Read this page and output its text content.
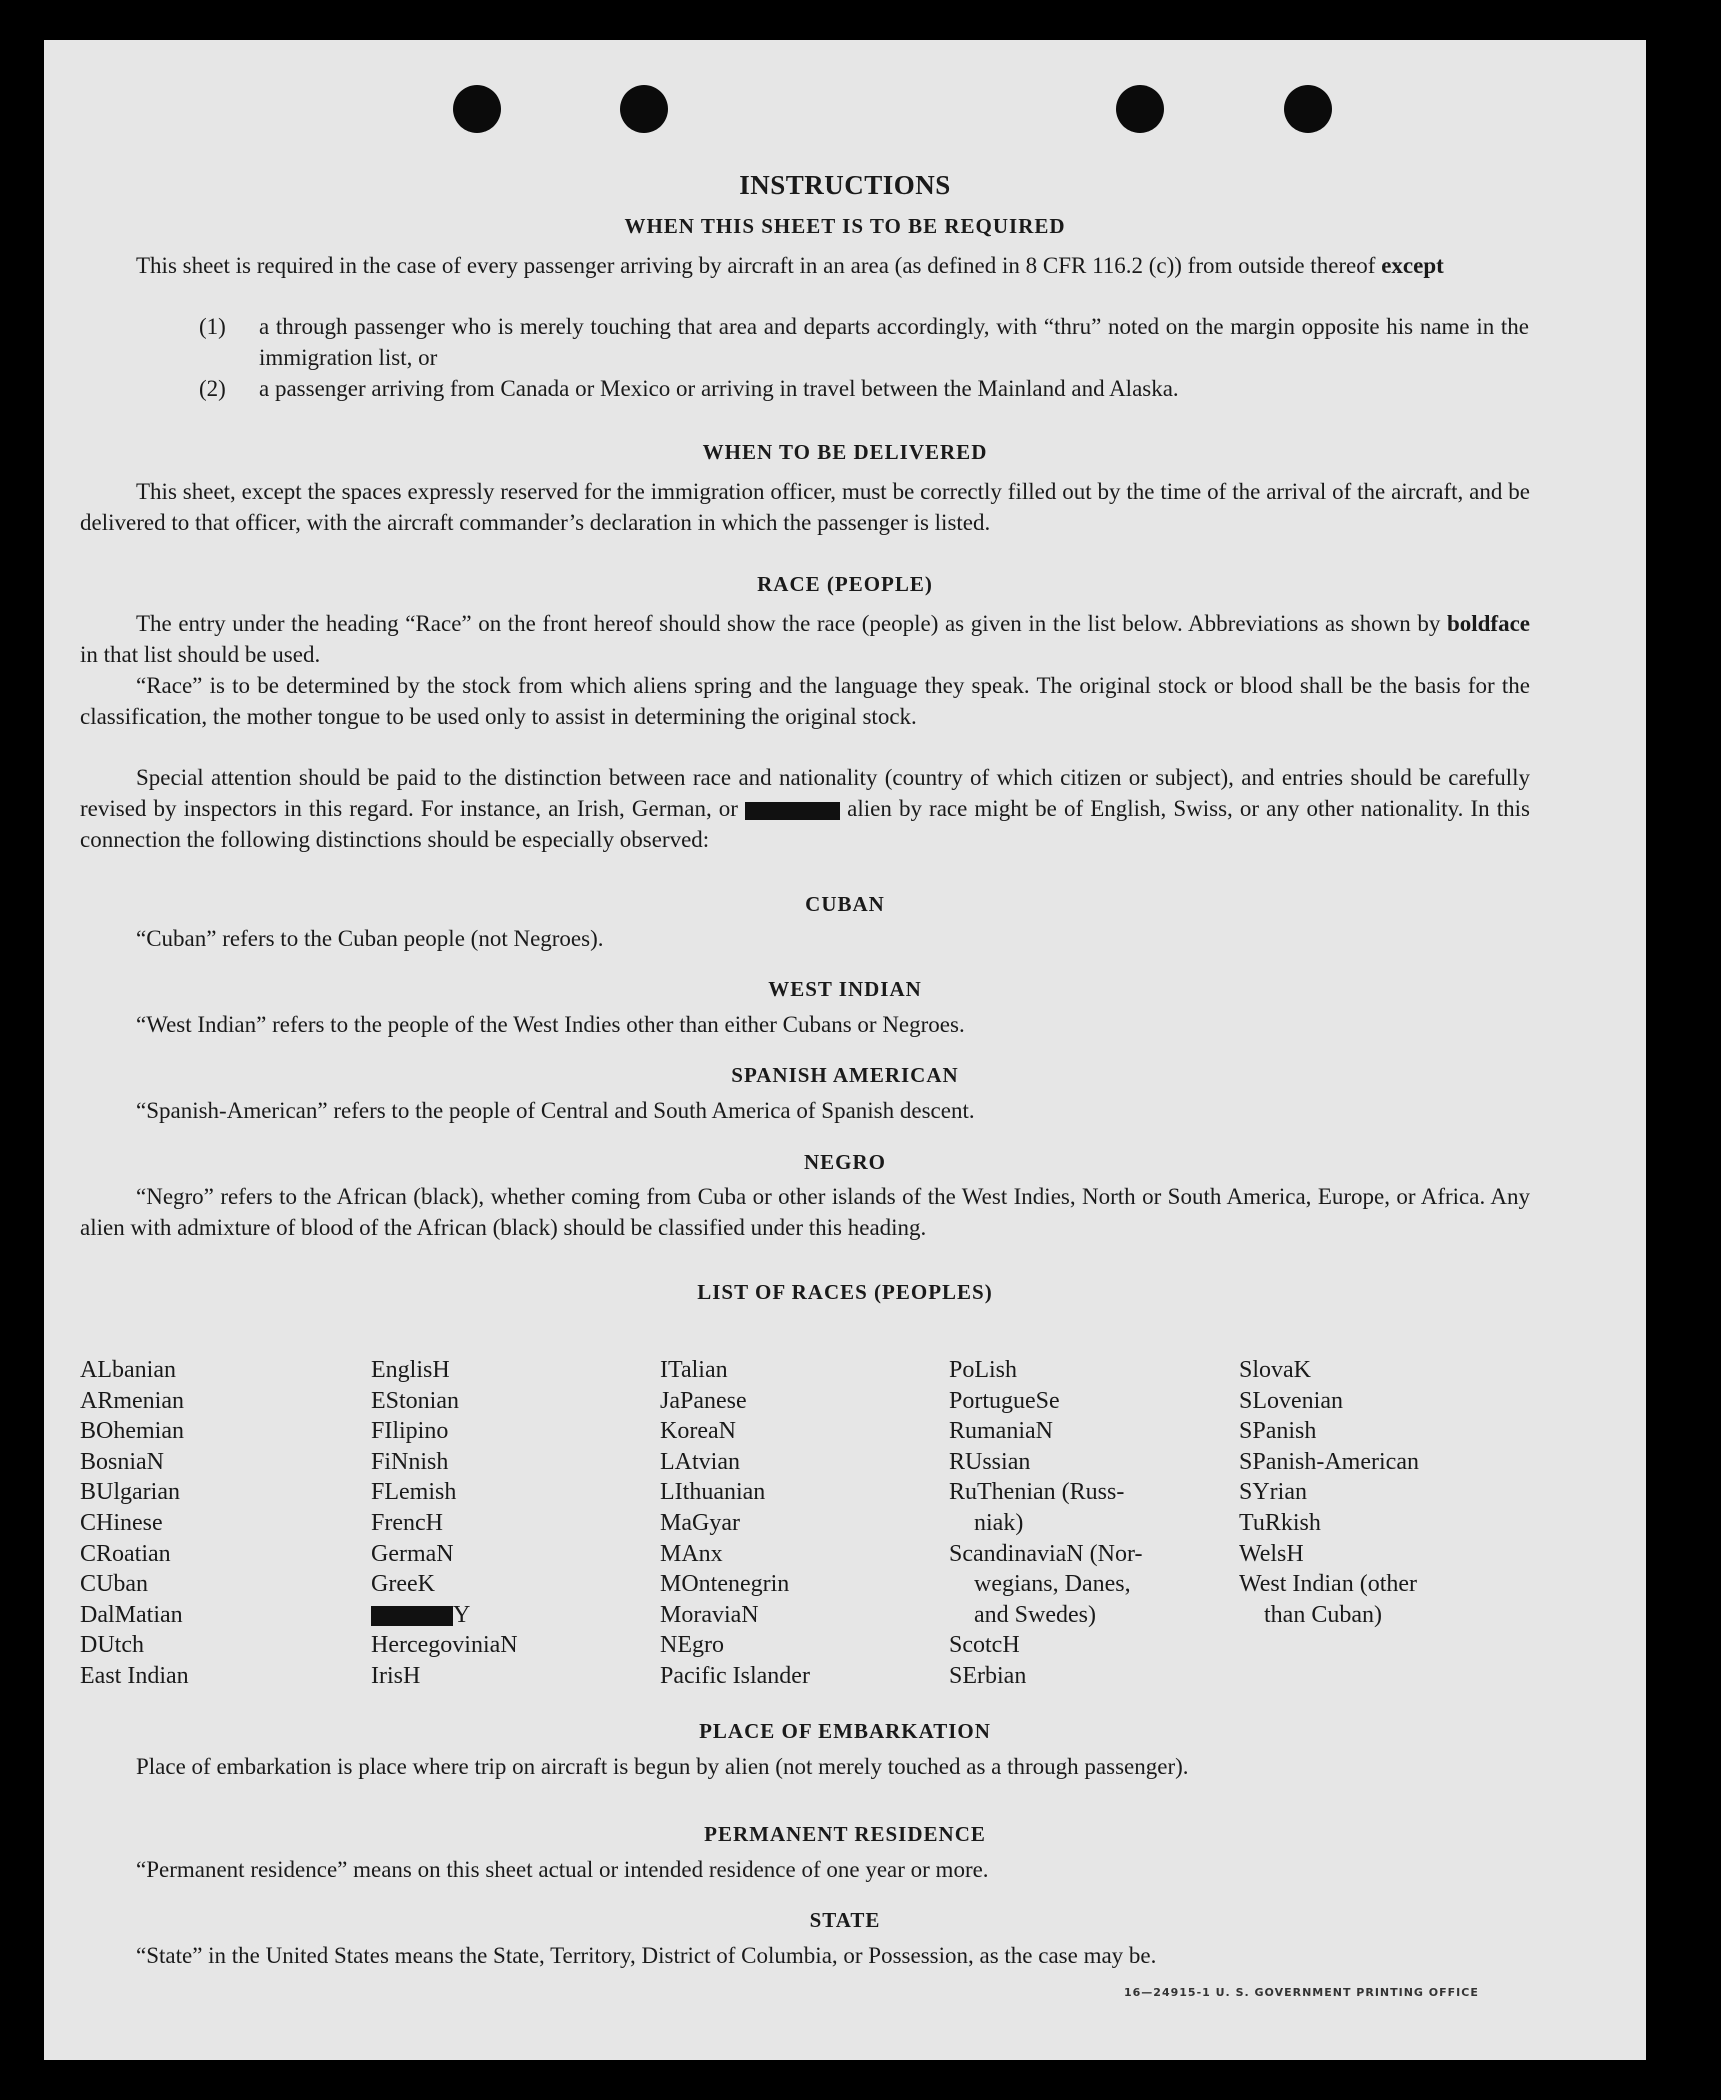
INSTRUCTIONS
WHEN THIS SHEET IS TO BE REQUIRED

This sheet is required in the case of every passenger arriving by aircraft in an area (as defined in 8 CFR 116.2 (c)) from outside thereof except

(1) a through passenger who is merely touching that area and departs accordingly, with “thru” noted on the margin opposite his name in the immigration list, or
(2) a passenger arriving from Canada or Mexico or arriving in travel between the Mainland and Alaska.
WHEN TO BE DELIVERED

This sheet, except the spaces expressly reserved for the immigration officer, must be correctly filled out by the time of the arrival of the aircraft, and be delivered to that officer, with the aircraft commander’s declaration in which the passenger is listed.

RACE (PEOPLE)

The entry under the heading “Race” on the front hereof should show the race (people) as given in the list below. Abbreviations as shown by boldface in that list should be used.

“Race” is to be determined by the stock from which aliens spring and the language they speak. The original stock or blood shall be the basis for the classification, the mother tongue to be used only to assist in determining the original stock.

Special attention should be paid to the distinction between race and nationality (country of which citizen or subject), and entries should be carefully revised by inspectors in this regard. For instance, an Irish, German, or	alien by race might be of English, Swiss, or any other nationality. In this connection the following distinctions should be especially observed:

CUBAN

“Cuban” refers to the Cuban people (not Negroes).

WEST INDIAN

“West Indian” refers to the people of the West Indies other than either Cubans or Negroes.

SPANISH AMERICAN

“Spanish-American” refers to the people of Central and South America of Spanish descent.

NEGRO

“Negro” refers to the African (black), whether coming from Cuba or other islands of the West Indies, North or South America, Europe, or Africa. Any alien with admixture of blood of the African (black) should be classified under this heading.

LIST OF RACES (PEOPLES)
ALbanian
ARmenian
BOhemian
BosniaN
BUlgarian
CHinese
CRoatian
CUban
DalMatian
DUtch
East Indian
EnglisH
EStonian
FIlipino
FiNnish
FLemish
FrencH
GermaN
GreeK
Y
HercegoviniaN
IrisH
ITalian
JaPanese
KoreaN
LAtvian
LIthuanian
MaGyar
MAnx
MOntenegrin
MoraviaN
NEgro
Pacific Islander
PoLish
PortugueSe
RumaniaN
RUssian
RuThenian (Russ-
niak)
ScandinaviaN (Nor-
wegians, Danes,
and Swedes)
ScotcH
SErbian
SlovaK
SLovenian
SPanish
SPanish-American
SYrian
TuRkish
WelsH
West Indian (other
than Cuban)
PLACE OF EMBARKATION

Place of embarkation is place where trip on aircraft is begun by alien (not merely touched as a through passenger).

PERMANENT RESIDENCE

“Permanent residence” means on this sheet actual or intended residence of one year or more.

STATE

“State” in the United States means the State, Territory, District of Columbia, or Possession, as the case may be.

16—24915-1 U. S. GOVERNMENT PRINTING OFFICE
